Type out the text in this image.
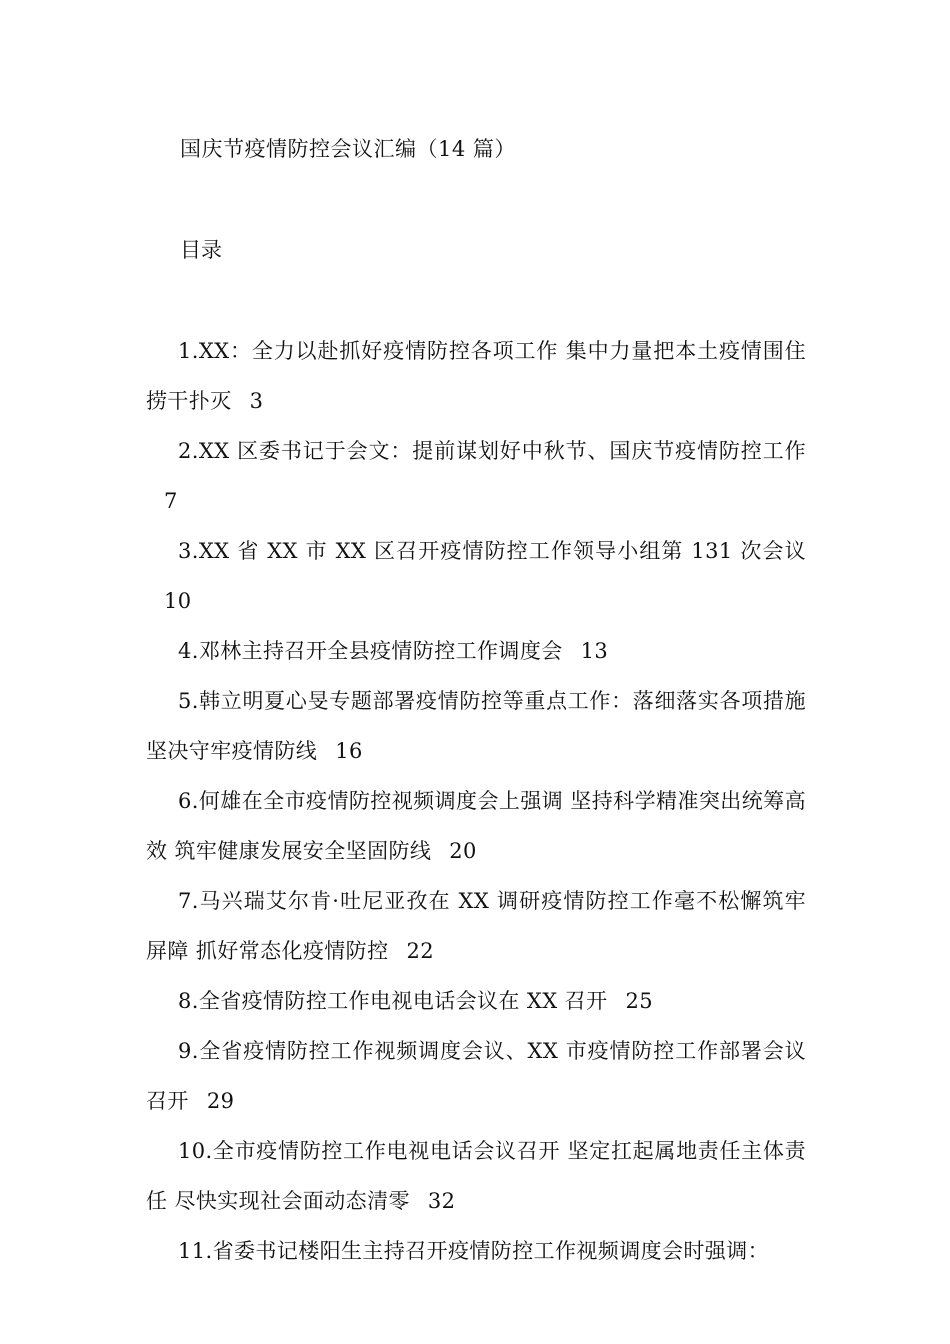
国庆节疫情防控会议汇编（14 篇）
目录
1.XX：全力以赴抓好疫情防控各项工作 集中力量把本土疫情围住捞干扑灭 3
2.XX 区委书记于会文：提前谋划好中秋节、国庆节疫情防控工作7
3.XX 省 XX 市 XX 区召开疫情防控工作领导小组第 131 次会议10
4.邓林主持召开全县疫情防控工作调度会 13
5.韩立明夏心旻专题部署疫情防控等重点工作：落细落实各项措施 坚决守牢疫情防线 16
6.何雄在全市疫情防控视频调度会上强调 坚持科学精准突出统筹高效 筑牢健康发展安全坚固防线 20
7.马兴瑞艾尔肯·吐尼亚孜在 XX 调研疫情防控工作毫不松懈筑牢屏障 抓好常态化疫情防控 22
8.全省疫情防控工作电视电话会议在 XX 召开 25
9.全省疫情防控工作视频调度会议、XX 市疫情防控工作部署会议召开 29
10.全市疫情防控工作电视电话会议召开 坚定扛起属地责任主体责任 尽快实现社会面动态清零 32
11.省委书记楼阳生主持召开疫情防控工作视频调度会时强调：
